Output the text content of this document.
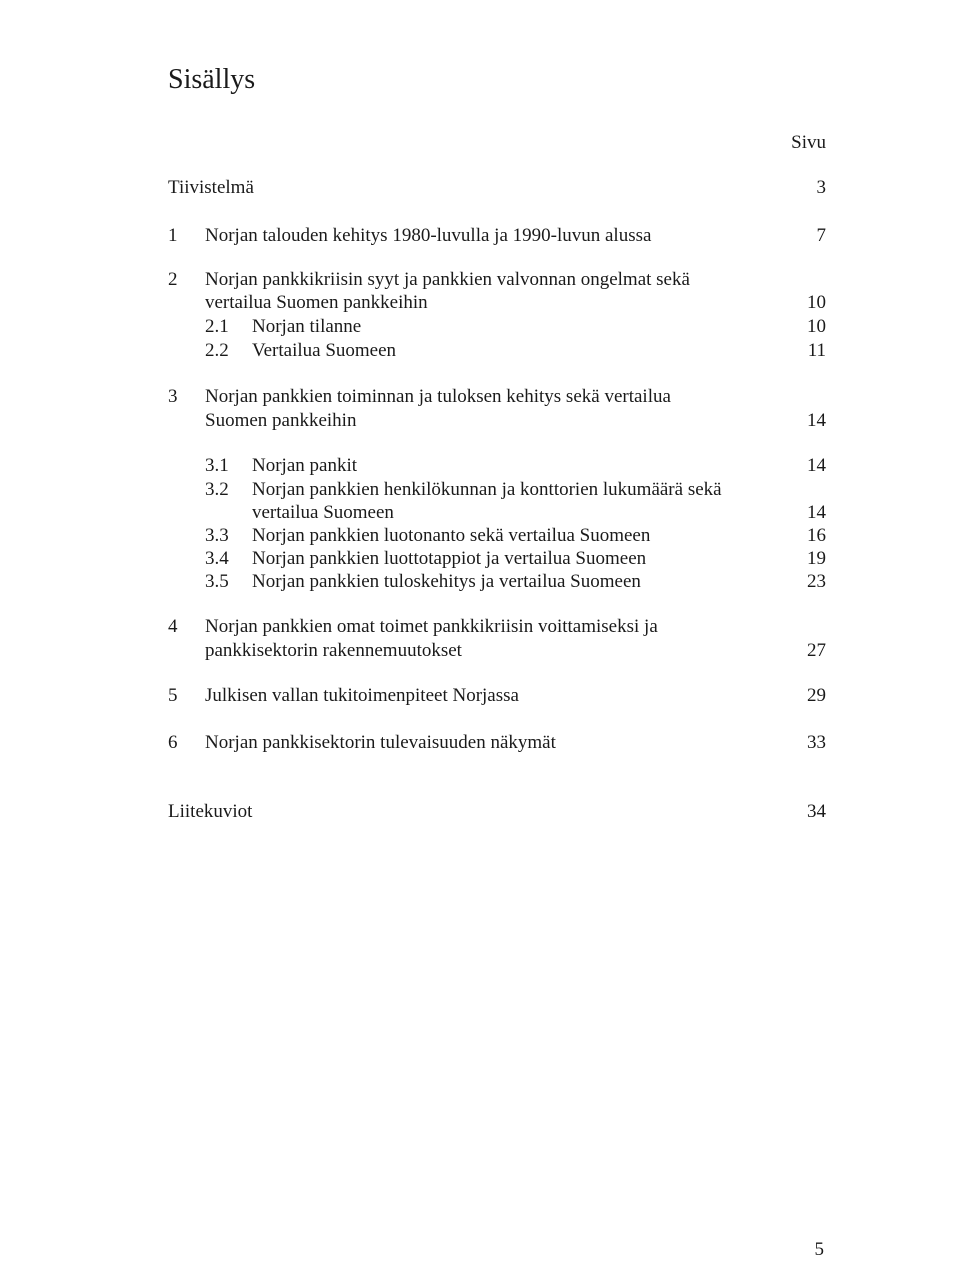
Sisällys
Sivu
Tiivistelmä	3
1 Norjan talouden kehitys 1980-luvulla ja 1990-luvun alussa	7
2 Norjan pankkikriisin syyt ja pankkien valvonnan ongelmat sekä
vertailua Suomen pankkeihin	10
2.1 Norjan tilanne	10
2.2 Vertailua Suomeen	11
3 Norjan pankkien toiminnan ja tuloksen kehitys sekä vertailua
Suomen pankkeihin	14
3.1 Norjan pankit	14
3.2 Norjan pankkien henkilökunnan ja konttorien lukumäärä sekä
vertailua Suomeen	14
3.3 Norjan pankkien luotonanto sekä vertailua Suomeen	16
3.4 Norjan pankkien luottotappiot ja vertailua Suomeen	19
3.5 Norjan pankkien tuloskehitys ja vertailua Suomeen	23
4 Norjan pankkien omat toimet pankkikriisin voittamiseksi ja
pankkisektorin rakennemuutokset	27
5 Julkisen vallan tukitoimenpiteet Norjassa	29
6 Norjan pankkisektorin tulevaisuuden näkymät	33
Liitekuviot	34
5
